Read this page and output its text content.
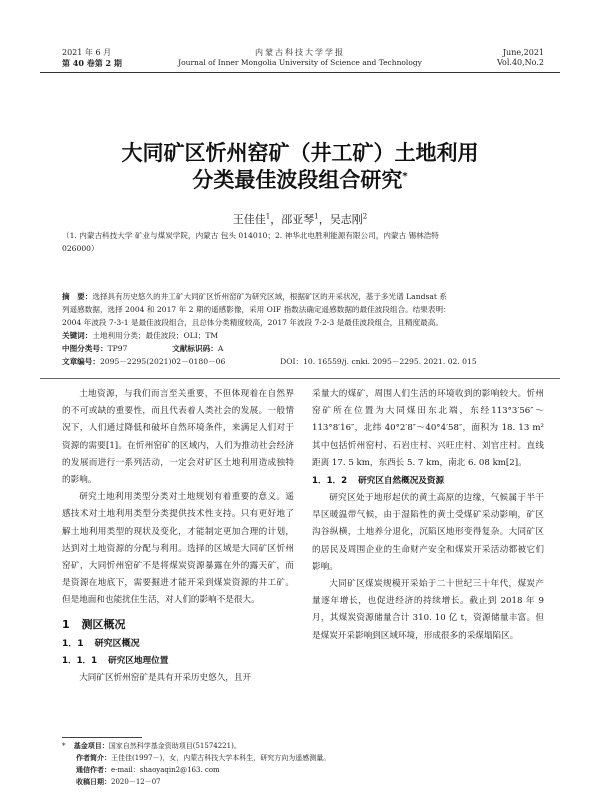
2021 年 6 月
第 40 卷第 2 期
内蒙古科技大学学报
Journal of Inner Mongolia University of Science and Technology
June,2021
Vol.40,No.2
大同矿区忻州窑矿（井工矿）土地利用
分类最佳波段组合研究*
王佳佳$^1$，邵亚琴$^1$，吴志刚$^2$
（1. 内蒙古科技大学 矿业与煤炭学院，内蒙古 包头 014010；2. 神华北电胜利能源有限公司，内蒙古 锡林浩特
026000）
摘　要：选择具有历史悠久的井工矿大同矿区忻州窑矿为研究区域，根据矿区的开采状况，基于多光谱 Landsat 系
列遥感数据，选择 2004 和 2017 年 2 期的遥感影像，采用 OIF 指数法确定遥感数据的最佳波段组合。结果表明：
2004 年波段 7-3-1 是最佳波段组合，且总体分类精度较高，2017 年波段 7-2-3 是最佳波段组合，且精度最高。
关键词：土地利用分类；最佳波段；OLI；TM
中图分类号：TP97	文献标识码：A
文章编号：2095－2295(2021)02－0180－06	DOI：10. 16559/j. cnki. 2095－2295. 2021. 02. 015

土地资源，与我们而言至关重要，不但体现着在自然界的不可或缺的重要性，而且代表着人类社会的发展。一般情况下，人们通过降低和破坏自然环境条件，来满足人们对于资源的需要[1]。在忻州窑矿的区域内，人们为推动社会经济的发展而进行一系列活动，一定会对矿区土地利用造成独特的影响。

研究土地利用类型分类对土地规划有着重要的意义。遥感技术对土地利用类型分类提供技术性支持。只有更好地了解土地利用类型的现状及变化，才能制定更加合理的计划，达到对土地资源的分配与利用。选择的区域是大同矿区忻州窑矿，大同忻州窑矿不是将煤炭资源暴露在外的露天矿，而是资源在地底下，需要掘进才能开采到煤炭资源的井工矿。但是地面和也能扰住生活，对人们的影响不是很大。

1 测区概况
1．1 研究区概况
1．1．1 研究区地理位置

大同矿区忻州窑矿是具有开采历史悠久，且开

采量大的煤矿，周围人们生活的环境收到的影响较大。忻州窑矿所在位置为大同煤田东北端，东经113°3′56″～113°8′16″，北纬 40°2′8″～40°4′58″，面积为 18. 13 m² 其中包括忻州窑村、石岩庄村、兴旺庄村、刘官庄村。直线距离 17. 5 km，东西长 5. 7 km，南北 6. 08 km[2]。

1．1．2 研究区自然概况及资源

研究区处于地形起伏的黄土高原的边缘，气候属于半干旱区暖温带气候，由于湿陷性的黄土受煤矿采动影响，矿区沟谷纵横，土地养分退化，沉陷区地形变得复杂。大同矿区的居民及周围企业的生命财产安全和煤炭开采活动都被它们影响。

大同矿区煤炭规模开采始于二十世纪三十年代，煤炭产量逐年增长，也促进经济的持续增长。截止到 2018 年 9 月，其煤炭资源储量合计 310. 10 亿 t，资源储量丰富。但是煤炭开采影响到区域环境，形成很多的采煤塌陷区。

* 基金项目：国家自然科学基金资助项目(51574221)。
作者简介：王佳佳(1997－)，女，内蒙古科技大学本科生，研究方向为遥感测量。
通信作者：e-mail：shaoyaqin2@163. com
收稿日期：2020－12－07
